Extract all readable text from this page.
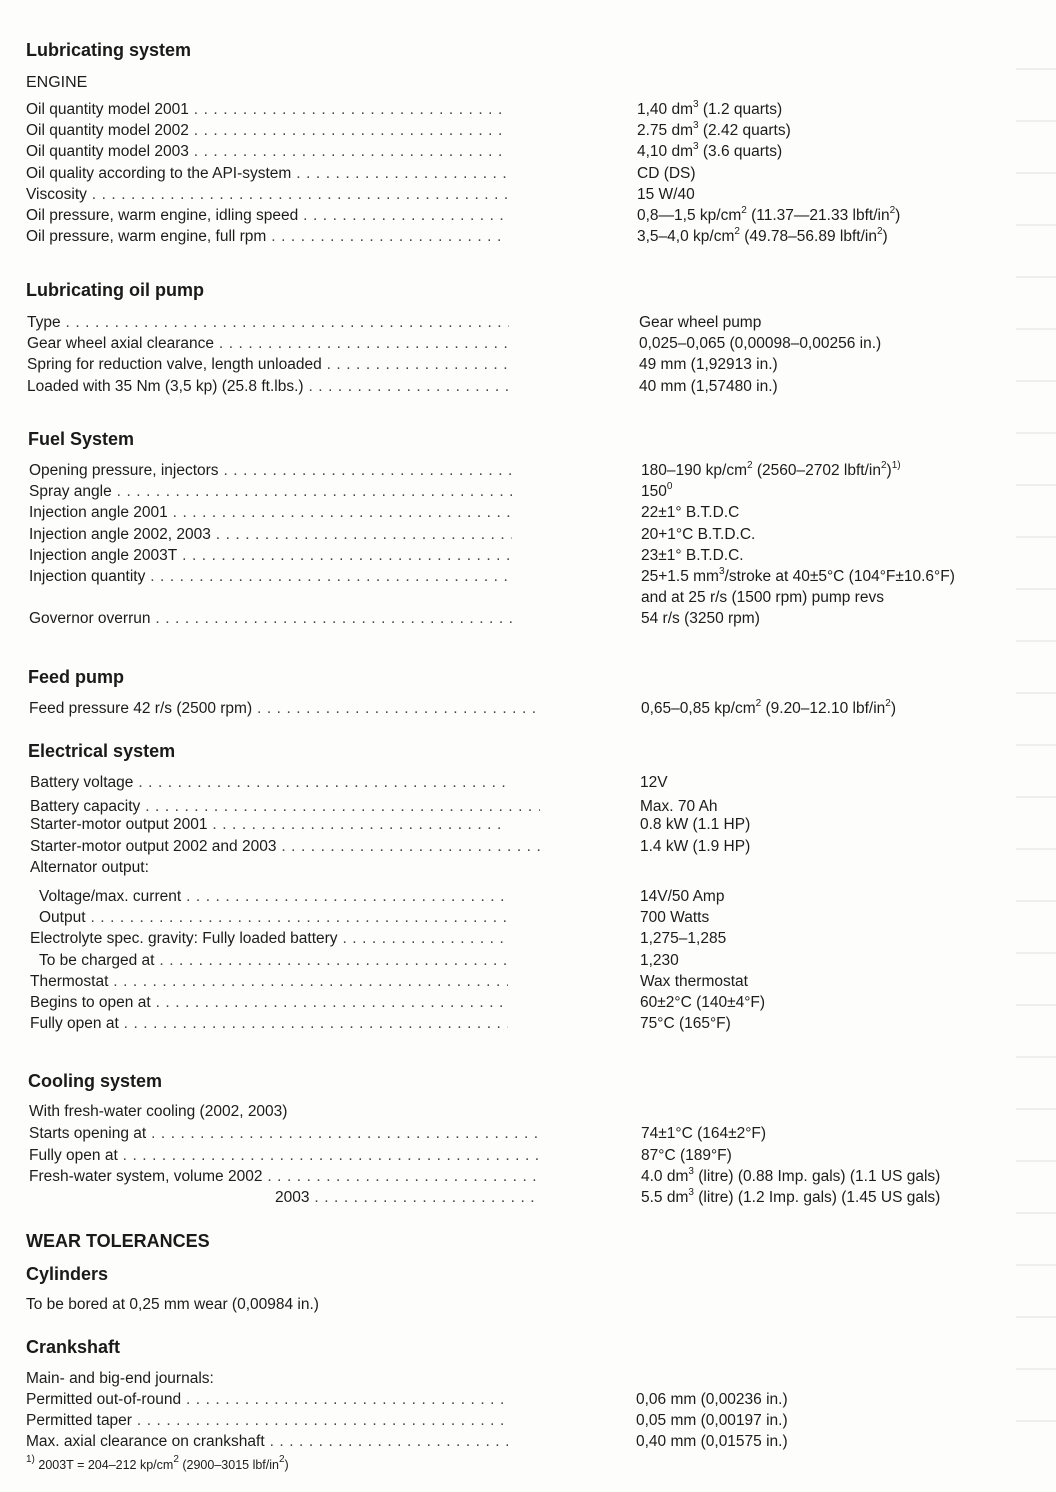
Lubricating system
ENGINE
Oil quantity model 2001 . . .	1,40 $dm^3$ (1.2 quarts)
Oil quantity model 2002 . . .	2.75 $dm^3$ (2.42 quarts)
Oil quantity model 2003 . . .	4,10 $dm^3$ (3.6 quarts)
Oil quality according to the API-system . . .	CD (DS)
Viscosity . . .	15 W/40
Oil pressure, warm engine, idling speed . . .	0,8—1,5 $kp/cm^2$ (11.37—21.33 lbft/$in^2$)
Oil pressure, warm engine, full rpm . . .	3,5–4,0 $kp/cm^2$ (49.78–56.89 lbft/$in^2$)
Lubricating oil pump
Type . . .	Gear wheel pump
Gear wheel axial clearance . . .	0,025–0,065 (0,00098–0,00256 in.)
Spring for reduction valve, length unloaded . . .	49 mm (1,92913 in.)
Loaded with 35 Nm (3,5 kp) (25.8 ft.lbs.) . . .	40 mm (1,57480 in.)
Fuel System
Opening pressure, injectors . . .	180–190 $kp/cm^2$ (2560–2702 lbft/$in^2)^{1)}$
Spray angle . . .	$150^0$
Injection angle 2001 . . .	22±1° B.T.D.C
Injection angle 2002, 2003 . . .	20+1°C B.T.D.C.
Injection angle 2003T . . .	23±1° B.T.D.C.
Injection quantity . . .	25+1.5 $mm^3$/stroke at 40±5°C (104°F±10.6°F)
and at 25 r/s (1500 rpm) pump revs
Governor overrun . . .	54 r/s (3250 rpm)
Feed pump
Feed pressure 42 r/s (2500 rpm) . . .	0,65–0,85 $kp/cm^2$ (9.20–12.10 lbf/$in^2$)
Electrical system
Battery voltage . . .	12V
Battery capacity . . .	Max. 70 Ah
Starter-motor output 2001 . . .	0.8 kW (1.1 HP)
Starter-motor output 2002 and 2003 . . .	1.4 kW (1.9 HP)
Alternator output:
Voltage/max. current . . .	14V/50 Amp
Output . . .	700 Watts
Electrolyte spec. gravity: Fully loaded battery . . .	1,275–1,285
To be charged at . . .	1,230
Thermostat . . .	Wax thermostat
Begins to open at . . .	60±2°C (140±4°F)
Fully open at . . .	75°C (165°F)
Cooling system
With fresh-water cooling (2002, 2003)
Starts opening at . . .	74±1°C (164±2°F)
Fully open at . . .	87°C (189°F)
Fresh-water system, volume 2002 . . .	4.0 $dm^3$ (litre) (0.88 Imp. gals) (1.1 US gals)
2003 . . .	5.5 $dm^3$ (litre) (1.2 Imp. gals) (1.45 US gals)
WEAR TOLERANCES
Cylinders
To be bored at 0,25 mm wear (0,00984 in.)
Crankshaft
Main- and big-end journals:
Permitted out-of-round . . .	0,06 mm (0,00236 in.)
Permitted taper . . .	0,05 mm (0,00197 in.)
Max. axial clearance on crankshaft . . .	0,40 mm (0,01575 in.)
$^{1)}$ 2003T = 204–212 $kp/cm^2$ (2900–3015 lbf/$in^2$)
